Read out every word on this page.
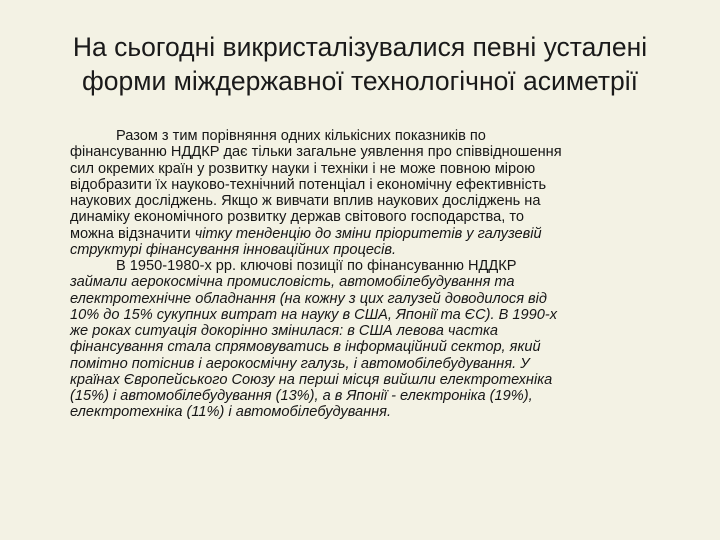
На сьогодні викристалізувалися певні усталені
форми міждержавної технологічної асиметрії
Разом з тим порівняння одних кількісних показників по
фінансуванню НДДКР дає тільки загальне уявлення про співвідношення
сил окремих країн у розвитку науки і техніки і не може повною мірою
відобразити їх науково-технічний потенціал і економічну ефективність
наукових досліджень. Якщо ж вивчати вплив наукових досліджень на
динаміку економічного розвитку держав світового господарства, то
можна відзначити чітку тенденцію до зміни пріоритетів у галузевій
структурі фінансування інноваційних процесів.
В 1950-1980-х рр. ключові позиції по фінансуванню НДДКР
займали аерокосмічна промисловість, автомобілебудування та
електротехнічне обладнання (на кожну з цих галузей доводилося від
10% до 15% сукупних витрат на науку в США, Японії та ЄС). В 1990-х
же роках ситуація докорінно змінилася: в США левова частка
фінансування стала спрямовуватись в інформаційний сектор, який
помітно потіснив і аерокосмічну галузь, і автомобілебудування. У
країнах Європейського Союзу на перші місця вийшли електротехніка
(15%) і автомобілебудування (13%), а в Японії - електроніка (19%),
електротехніка (11%) і автомобілебудування.
